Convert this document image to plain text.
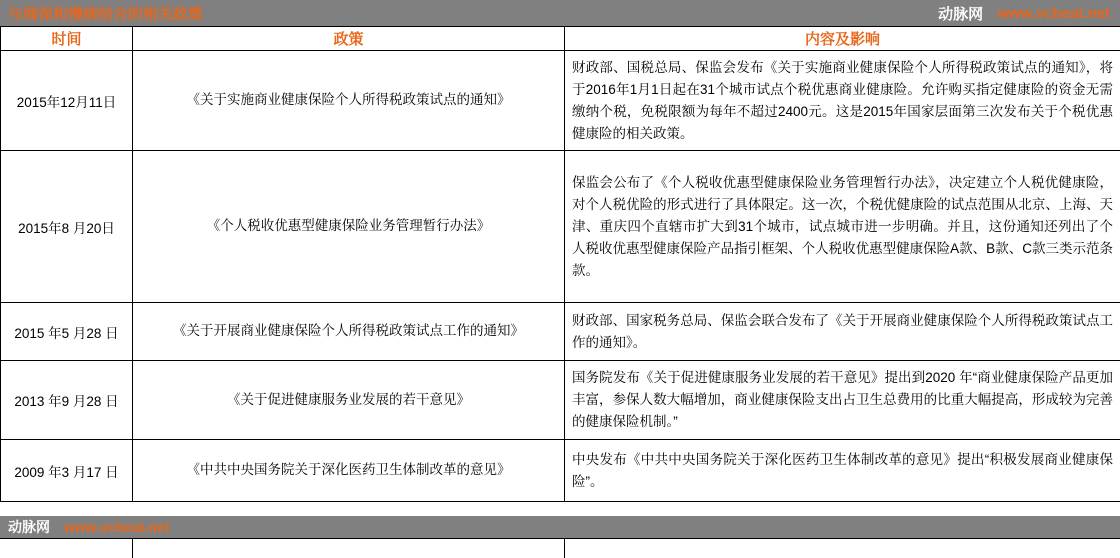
与商保和慢病结合的相关政策	动脉网 www.vcbeat.net
时间	政策	内容及影响
2015年12月11日	《关于实施商业健康保险个人所得税政策试点的通知》	财政部、国税总局、保监会发布《关于实施商业健康保险个人所得税政策试点的通知》，将于2016年1月1日起在31个城市试点个税优惠商业健康险。允许购买指定健康险的资金无需缴纳个税，免税限额为每年不超过2400元。这是2015年国家层面第三次发布关于个税优惠健康险的相关政策。
2015年8 月20日	《个人税收优惠型健康保险业务管理暂行办法》	保监会公布了《个人税收优惠型健康保险业务管理暂行办法》，决定建立个人税优健康险，对个人税优险的形式进行了具体限定。这一次，个税优健康险的试点范围从北京、上海、天津、重庆四个直辖市扩大到31个城市，试点城市进一步明确。并且，这份通知还列出了个人税收优惠型健康保险产品指引框架、个人税收优惠型健康保险A款、B款、C款三类示范条款。
2015 年5 月28 日	《关于开展商业健康保险个人所得税政策试点工作的通知》	财政部、国家税务总局、保监会联合发布了《关于开展商业健康保险个人所得税政策试点工作的通知》。
2013 年9 月28 日	《关于促进健康服务业发展的若干意见》	国务院发布《关于促进健康服务业发展的若干意见》提出到2020 年“商业健康保险产品更加丰富，参保人数大幅增加，商业健康保险支出占卫生总费用的比重大幅提高，形成较为完善的健康保险机制。”
2009 年3 月17 日	《中共中央国务院关于深化医药卫生体制改革的意见》	中央发布《中共中央国务院关于深化医药卫生体制改革的意见》提出“积极发展商业健康保险”。
动脉网 www.vcbeat.net
